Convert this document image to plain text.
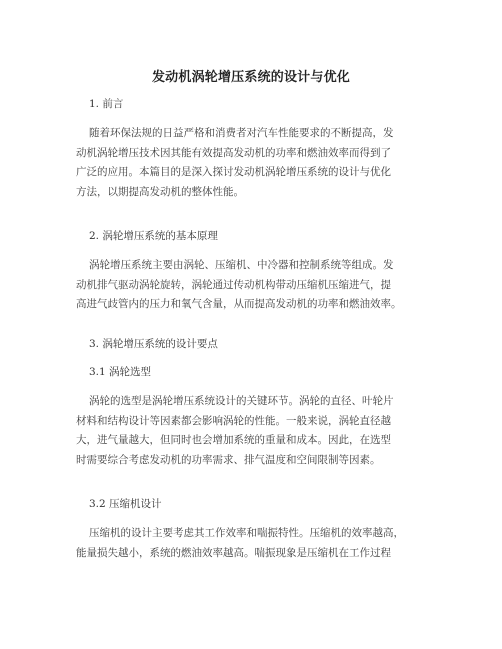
发动机涡轮增压系统的设计与优化
1. 前言
随着环保法规的日益严格和消费者对汽车性能要求的不断提高，发
动机涡轮增压技术因其能有效提高发动机的功率和燃油效率而得到了
广泛的应用。本篇目的是深入探讨发动机涡轮增压系统的设计与优化
方法，以期提高发动机的整体性能。
2. 涡轮增压系统的基本原理
涡轮增压系统主要由涡轮、压缩机、中冷器和控制系统等组成。发
动机排气驱动涡轮旋转，涡轮通过传动机构带动压缩机压缩进气，提
高进气歧管内的压力和氧气含量，从而提高发动机的功率和燃油效率。
3. 涡轮增压系统的设计要点
3.1 涡轮选型
涡轮的选型是涡轮增压系统设计的关键环节。涡轮的直径、叶轮片
材料和结构设计等因素都会影响涡轮的性能。一般来说，涡轮直径越
大，进气量越大，但同时也会增加系统的重量和成本。因此，在选型
时需要综合考虑发动机的功率需求、排气温度和空间限制等因素。
3.2 压缩机设计
压缩机的设计主要考虑其工作效率和喘振特性。压缩机的效率越高，
能量损失越小，系统的燃油效率越高。喘振现象是压缩机在工作过程
